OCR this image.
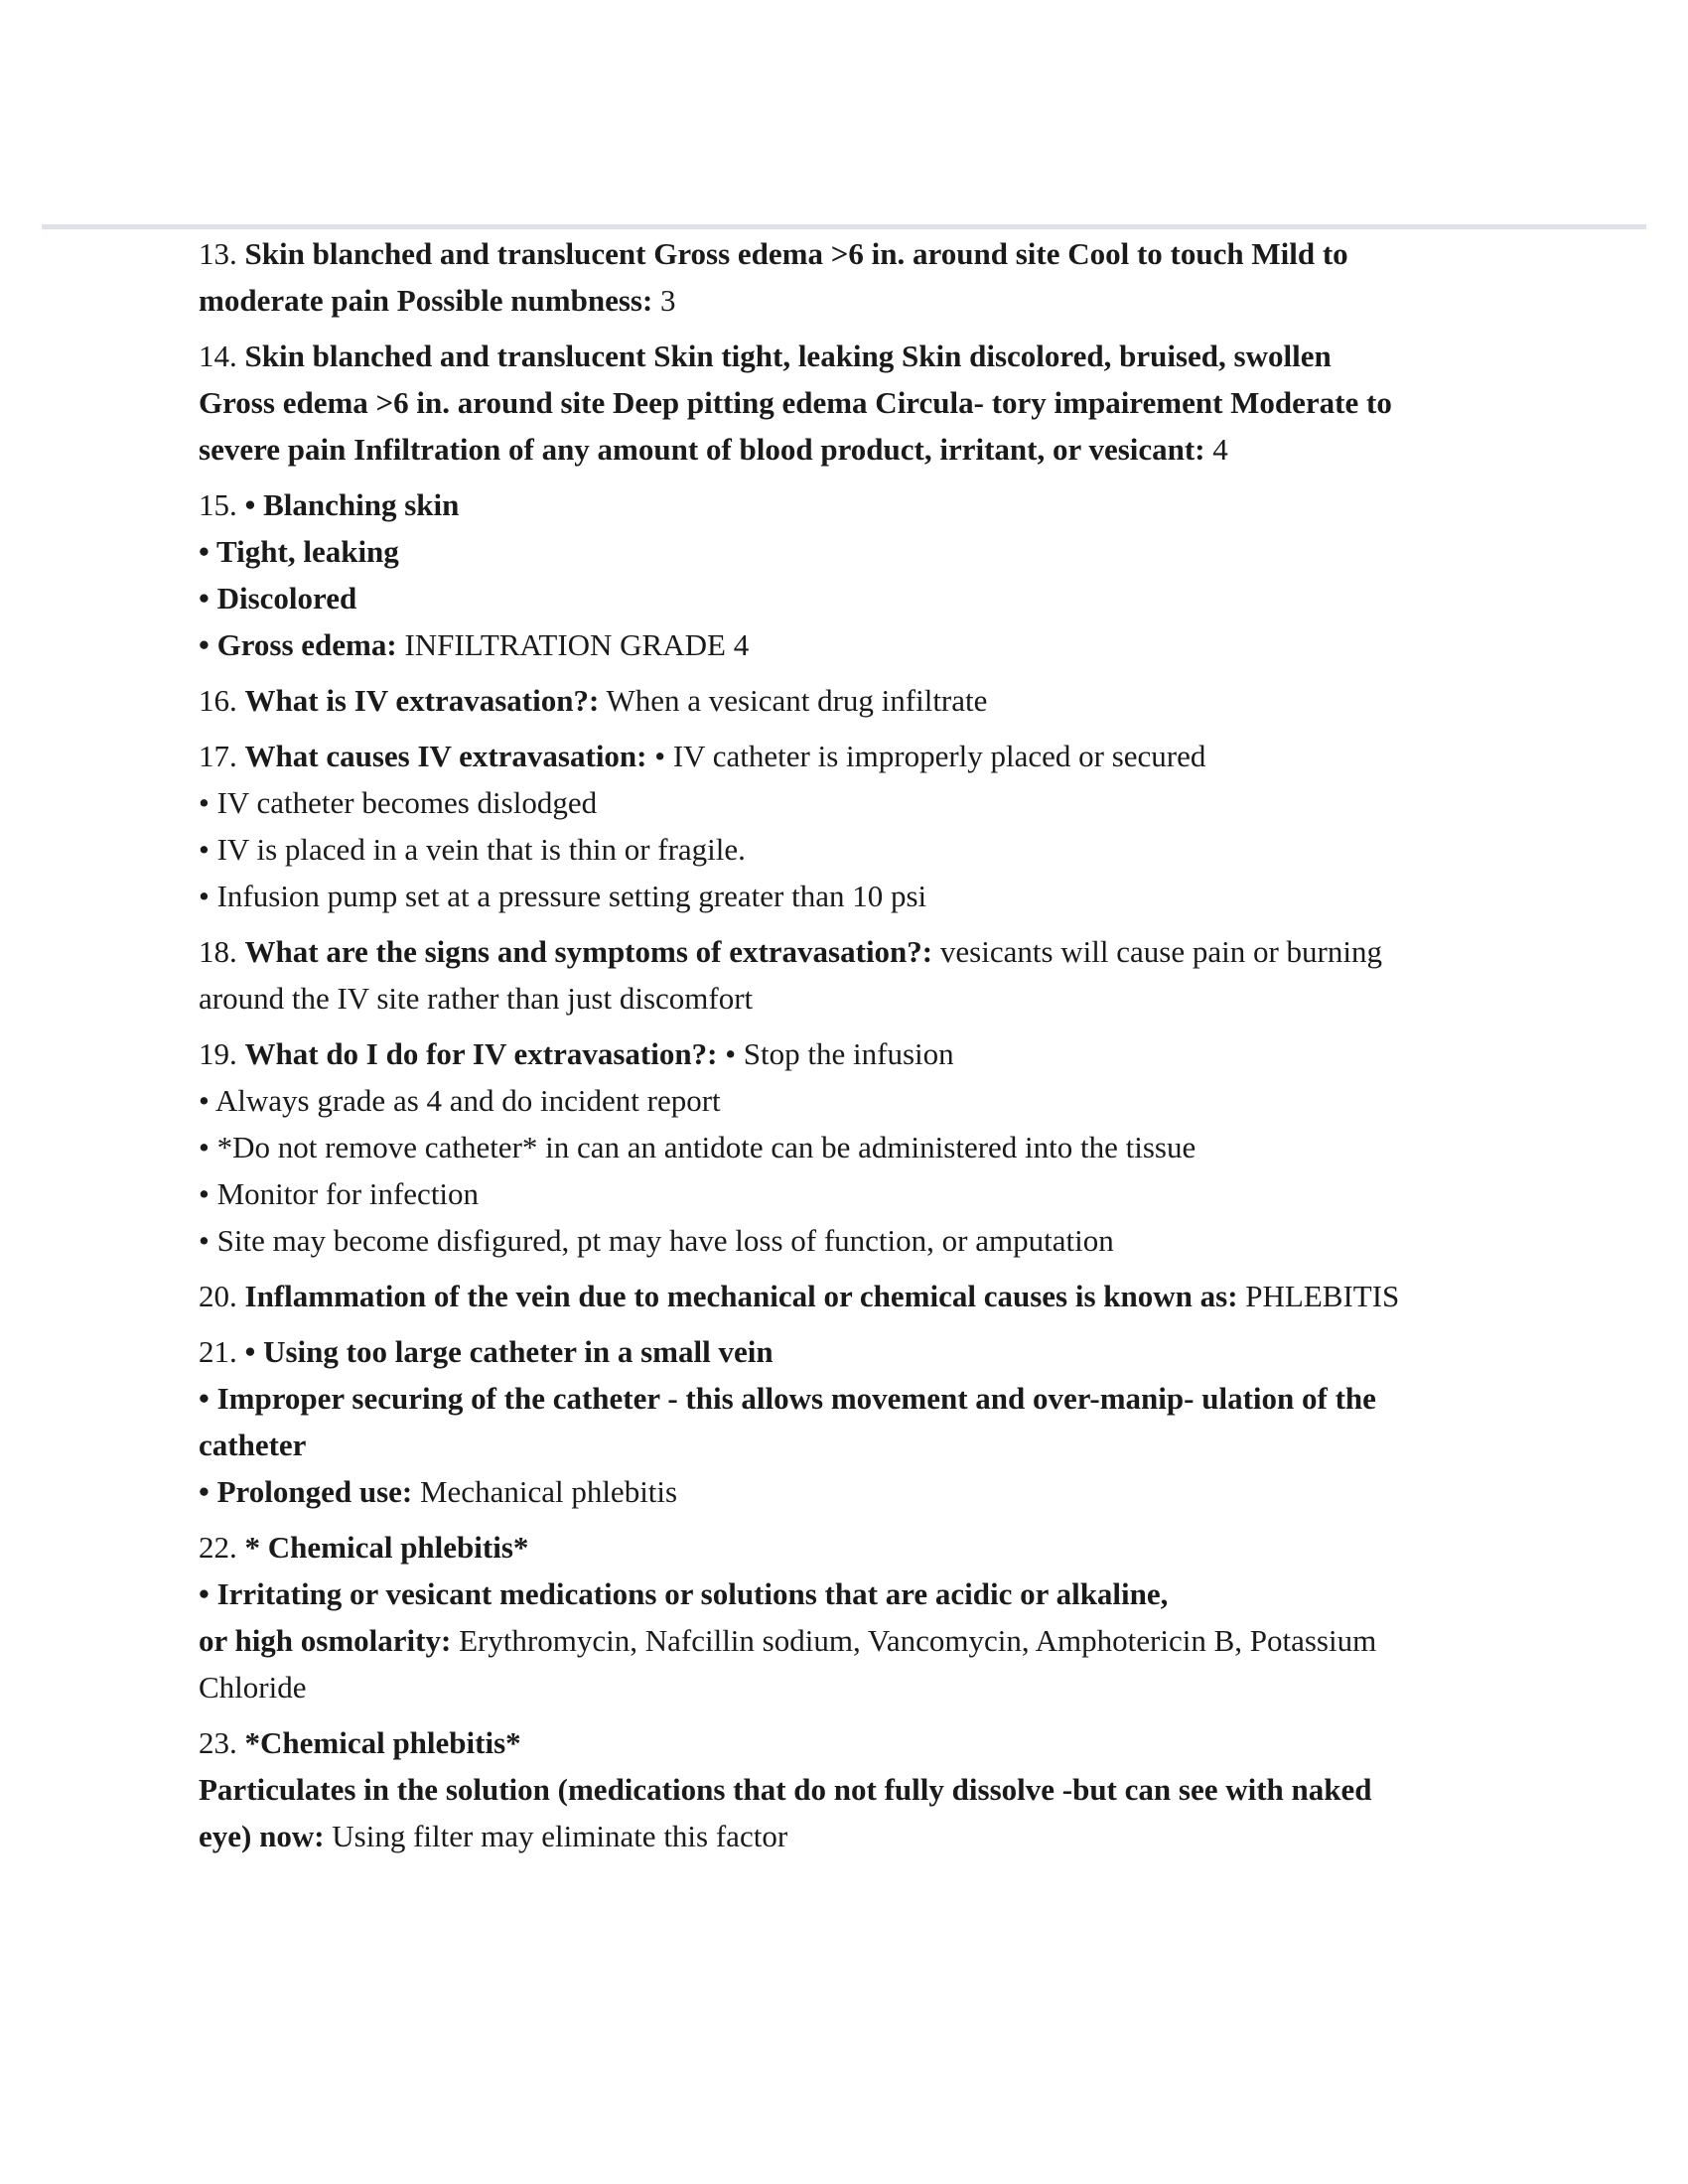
13. Skin blanched and translucent Gross edema >6 in. around site Cool to touch Mild to
moderate pain Possible numbness: 3
14. Skin blanched and translucent Skin tight, leaking Skin discolored, bruised, swollen
Gross edema >6 in. around site Deep pitting edema Circula- tory impairement Moderate to
severe pain Infiltration of any amount of blood product, irritant, or vesicant: 4
15. • Blanching skin
• Tight, leaking
• Discolored
• Gross edema: INFILTRATION GRADE 4
16. What is IV extravasation?: When a vesicant drug infiltrate
17. What causes IV extravasation: • IV catheter is improperly placed or secured
• IV catheter becomes dislodged
• IV is placed in a vein that is thin or fragile.
• Infusion pump set at a pressure setting greater than 10 psi
18. What are the signs and symptoms of extravasation?: vesicants will cause pain or burning
around the IV site rather than just discomfort
19. What do I do for IV extravasation?: • Stop the infusion
• Always grade as 4 and do incident report
• *Do not remove catheter* in can an antidote can be administered into the tissue
• Monitor for infection
• Site may become disfigured, pt may have loss of function, or amputation
20. Inflammation of the vein due to mechanical or chemical causes is known as: PHLEBITIS
21. • Using too large catheter in a small vein
• Improper securing of the catheter - this allows movement and over-manip- ulation of the
catheter
• Prolonged use: Mechanical phlebitis
22. * Chemical phlebitis*
• Irritating or vesicant medications or solutions that are acidic or alkaline,
or high osmolarity: Erythromycin, Nafcillin sodium, Vancomycin, Amphotericin B, Potassium
Chloride
23. *Chemical phlebitis*
Particulates in the solution (medications that do not fully dissolve -but can see with naked
eye) now: Using filter may eliminate this factor
